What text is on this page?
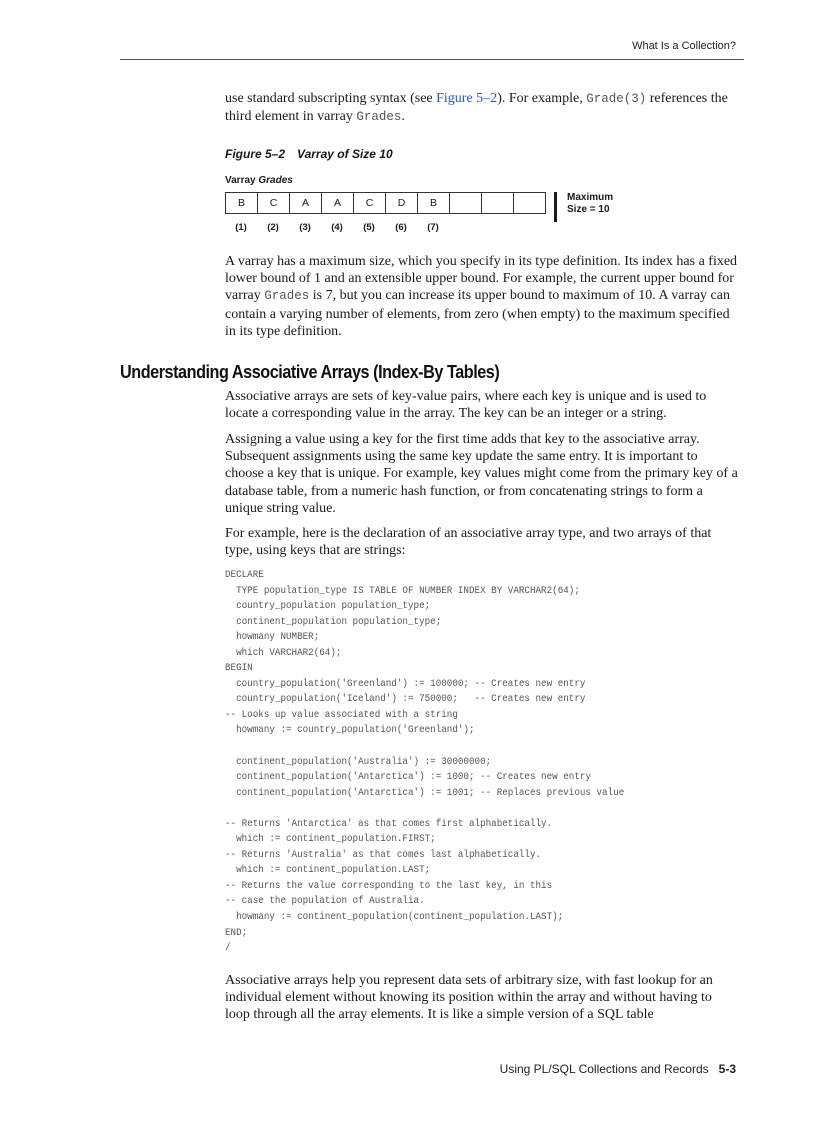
What Is a Collection?

use standard subscripting syntax (see Figure 5–2). For example, Grade(3) references the third element in varray Grades.

Figure 5–2 Varray of Size 10
Varray Grades
B	C	A	A	C	D	B
(1)	(2)	(3)	(4)	(5)	(6)	(7)
Maximum
Size = 10

A varray has a maximum size, which you specify in its type definition. Its index has a fixed lower bound of 1 and an extensible upper bound. For example, the current upper bound for varray Grades is 7, but you can increase its upper bound to maximum of 10. A varray can contain a varying number of elements, from zero (when empty) to the maximum specified in its type definition.

Understanding Associative Arrays (Index-By Tables)

Associative arrays are sets of key-value pairs, where each key is unique and is used to locate a corresponding value in the array. The key can be an integer or a string.

Assigning a value using a key for the first time adds that key to the associative array. Subsequent assignments using the same key update the same entry. It is important to choose a key that is unique. For example, key values might come from the primary key of a database table, from a numeric hash function, or from concatenating strings to form a unique string value.

For example, here is the declaration of an associative array type, and two arrays of that type, using keys that are strings:

DECLARE
TYPE population_type IS TABLE OF NUMBER INDEX BY VARCHAR2(64);
country_population population_type;
continent_population population_type;
howmany NUMBER;
which VARCHAR2(64);
BEGIN
country_population('Greenland') := 100000; -- Creates new entry
country_population('Iceland') := 750000;   -- Creates new entry
-- Looks up value associated with a string
howmany := country_population('Greenland');

continent_population('Australia') := 30000000;
continent_population('Antarctica') := 1000; -- Creates new entry
continent_population('Antarctica') := 1001; -- Replaces previous value

-- Returns 'Antarctica' as that comes first alphabetically.
which := continent_population.FIRST;
-- Returns 'Australia' as that comes last alphabetically.
which := continent_population.LAST;
-- Returns the value corresponding to the last key, in this
-- case the population of Australia.
howmany := continent_population(continent_population.LAST);
END;
/

Associative arrays help you represent data sets of arbitrary size, with fast lookup for an individual element without knowing its position within the array and without having to loop through all the array elements. It is like a simple version of a SQL table

Using PL/SQL Collections and Records 5-3
